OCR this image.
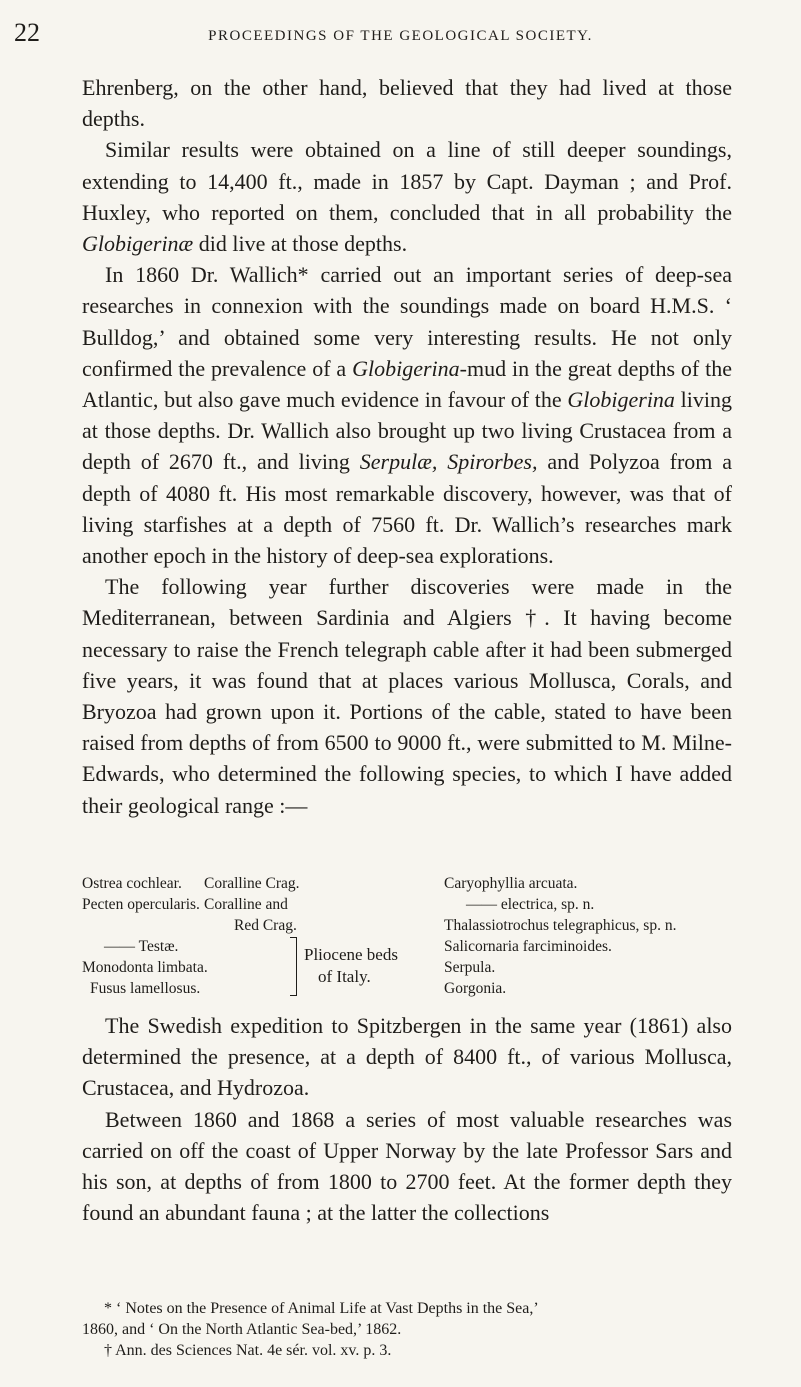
22	PROCEEDINGS OF THE GEOLOGICAL SOCIETY.

Ehrenberg, on the other hand, believed that they had lived at those depths.

Similar results were obtained on a line of still deeper soundings, extending to 14,400 ft., made in 1857 by Capt. Dayman ; and Prof. Huxley, who reported on them, concluded that in all probability the Globigerinæ did live at those depths.

In 1860 Dr. Wallich* carried out an important series of deep-sea researches in connexion with the soundings made on board H.M.S. ‘ Bulldog,’ and obtained some very interesting results. He not only confirmed the prevalence of a Globigerina-mud in the great depths of the Atlantic, but also gave much evidence in favour of the Globigerina living at those depths. Dr. Wallich also brought up two living Crustacea from a depth of 2670 ft., and living Serpulæ, Spirorbes, and Polyzoa from a depth of 4080 ft. His most remarkable discovery, however, was that of living starfishes at a depth of 7560 ft. Dr. Wallich’s researches mark another epoch in the history of deep-sea explorations.

The following year further discoveries were made in the Mediterranean, between Sardinia and Algiers †. It having become necessary to raise the French telegraph cable after it had been submerged five years, it was found that at places various Mollusca, Corals, and Bryozoa had grown upon it. Portions of the cable, stated to have been raised from depths of from 6500 to 9000 ft., were submitted to M. Milne-Edwards, who determined the following species, to which I have added their geological range :—

Ostrea cochlear.
Pecten opercularis.

—— Testæ.
Monodonta limbata.
Fusus lamellosus.
Coralline Crag.
Coralline and
Red Crag.
Pliocene beds
of Italy.
Caryophyllia arcuata.
—— electrica, sp. n.
Thalassiotrochus telegraphicus, sp. n.
Salicornaria farciminoides.
Serpula.
Gorgonia.

The Swedish expedition to Spitzbergen in the same year (1861) also determined the presence, at a depth of 8400 ft., of various Mollusca, Crustacea, and Hydrozoa.

Between 1860 and 1868 a series of most valuable researches was carried on off the coast of Upper Norway by the late Professor Sars and his son, at depths of from 1800 to 2700 feet. At the former depth they found an abundant fauna ; at the latter the collections

* ‘ Notes on the Presence of Animal Life at Vast Depths in the Sea,’
1860, and ‘ On the North Atlantic Sea-bed,’ 1862.
† Ann. des Sciences Nat. 4e sér. vol. xv. p. 3.
